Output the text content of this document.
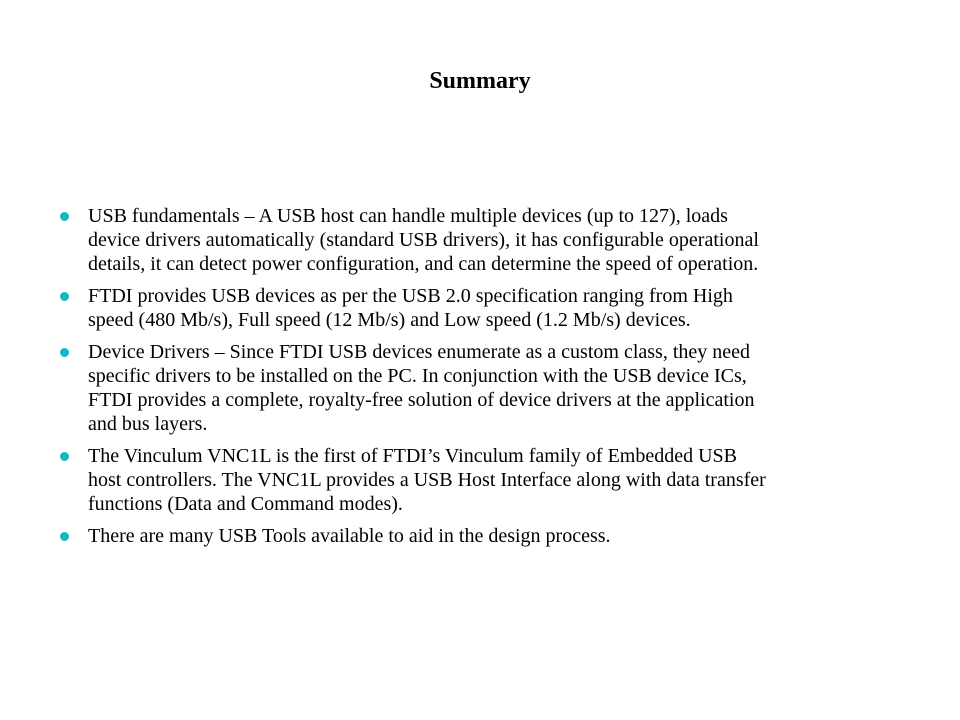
Summary
USB fundamentals – A USB host can handle multiple devices (up to 127), loads
device drivers automatically (standard USB drivers), it has configurable operational
details, it can detect power configuration, and can determine the speed of operation.
FTDI provides USB devices as per the USB 2.0 specification ranging from High
speed (480 Mb/s), Full speed (12 Mb/s) and Low speed (1.2 Mb/s) devices.
Device Drivers – Since FTDI USB devices enumerate as a custom class, they need
specific drivers to be installed on the PC. In conjunction with the USB device ICs,
FTDI provides a complete, royalty-free solution of device drivers at the application
and bus layers.
The Vinculum VNC1L is the first of FTDI’s Vinculum family of Embedded USB
host controllers. The VNC1L provides a USB Host Interface along with data transfer
functions (Data and Command modes).
There are many USB Tools available to aid in the design process.
